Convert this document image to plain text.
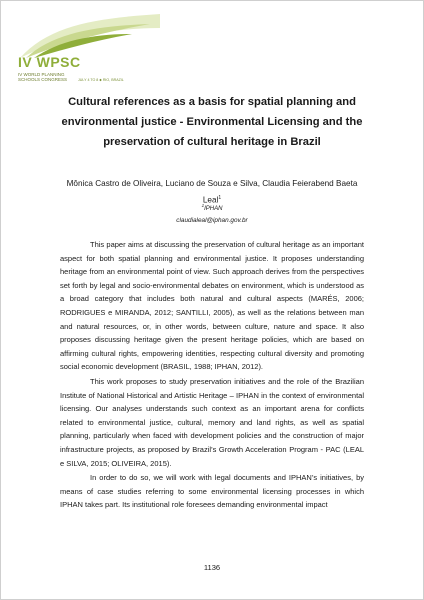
IV WPSC
IV WORLD PLANNING SCHOOLS CONGRESS	JULY 4 TO 8 ⬥ RIO, BRAZIL
Cultural references as a basis for spatial planning and environmental justice - Environmental Licensing and the preservation of cultural heritage in Brazil
Mônica Castro de Oliveira, Luciano de Souza e Silva, Claudia Feierabend Baeta Leal$^1$
$^1$IPHAN
claudialeal@iphan.gov.br

This paper aims at discussing the preservation of cultural heritage as an important aspect for both spatial planning and environmental justice. It proposes understanding heritage from an environmental point of view. Such approach derives from the perspectives set forth by legal and socio-environmental debates on environment, which is understood as a broad category that includes both natural and cultural aspects (MARÉS, 2006; RODRIGUES e MIRANDA, 2012; SANTILLI, 2005), as well as the relations between man and natural resources, or, in other words, between culture, nature and space. It also proposes discussing heritage given the present heritage policies, which are based on affirming cultural rights, empowering identities, respecting cultural diversity and promoting social economic development (BRASIL, 1988; IPHAN, 2012).

This work proposes to study preservation initiatives and the role of the Brazilian Institute of National Historical and Artistic Heritage – IPHAN in the context of environmental licensing. Our analyses understands such context as an important arena for conflicts related to environmental justice, cultural, memory and land rights, as well as spatial planning, particularly when faced with development policies and the construction of major infrastructure projects, as proposed by Brazil’s Growth Acceleration Program - PAC (LEAL e SILVA, 2015; OLIVEIRA, 2015).

In order to do so, we will work with legal documents and IPHAN’s initiatives, by means of case studies referring to some environmental licensing processes in which IPHAN takes part. Its institutional role foresees demanding environmental impact

1136
